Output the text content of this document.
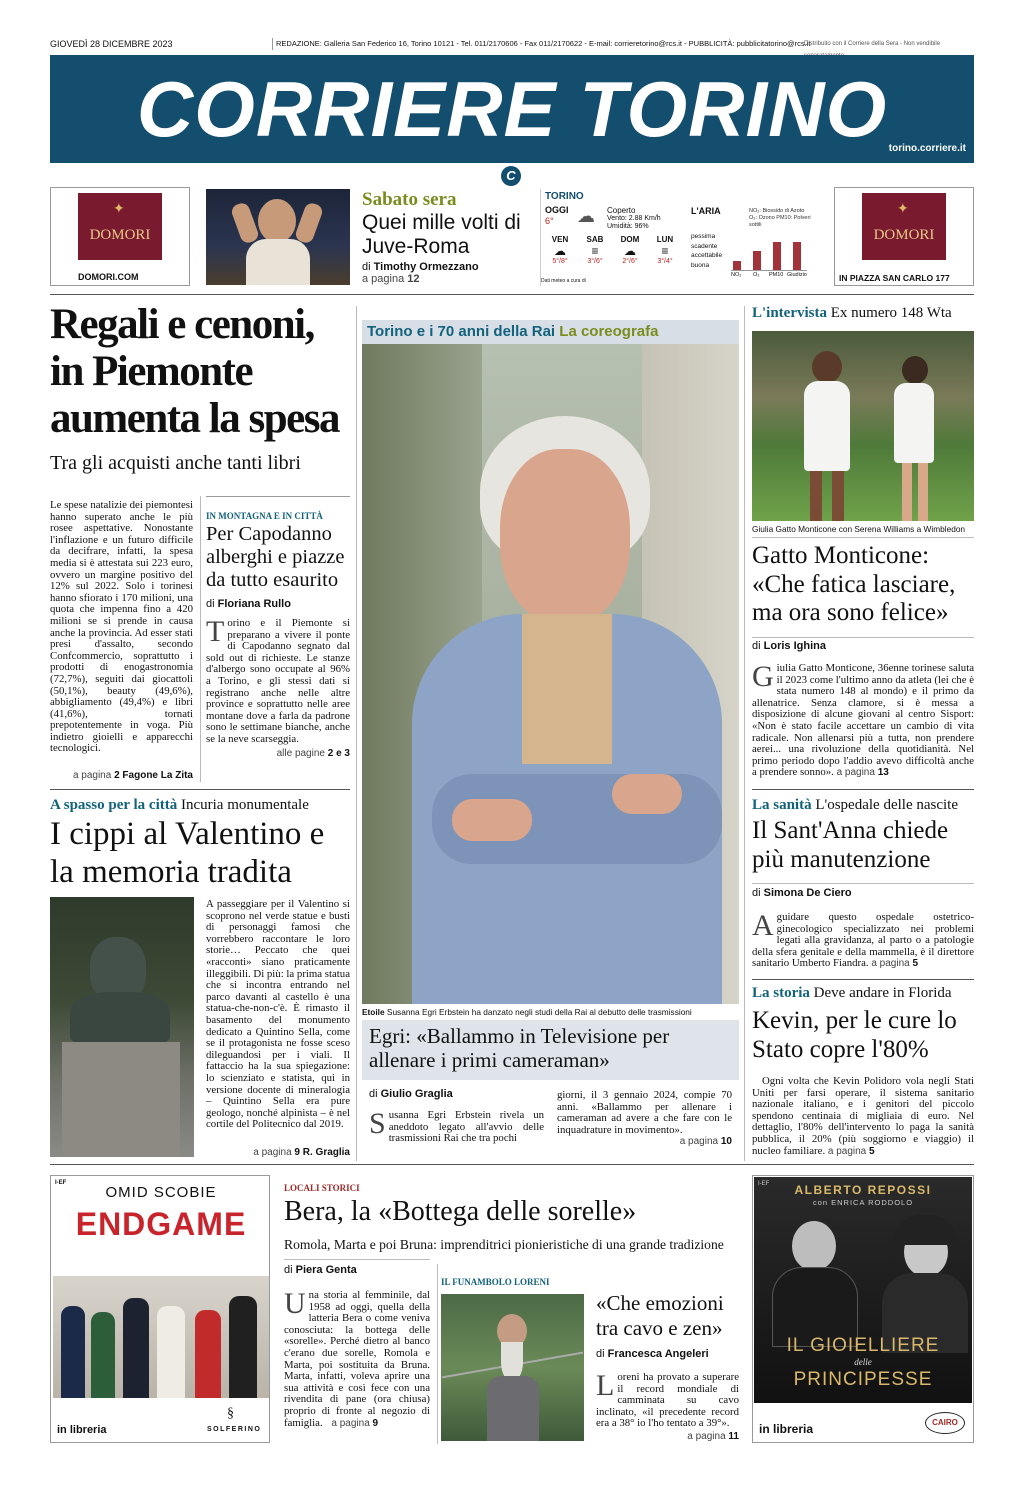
GIOVEDÌ 28 DICEMBRE 2023	REDAZIONE: Galleria San Federico 16, Torino 10121 - Tel. 011/2170606 - Fax 011/2170622 - E-mail: corrieretorino@rcs.it - PUBBLICITÀ: pubblicitatorino@rcs.it
Distribuito con il Corriere della Sera - Non vendibile
CORRIERE TORINO torino.corriere.it
C
✦
DOMORI
DOMORI.COM
Sabato sera
Quei mille volti di Juve-Roma
di Timothy Ormezzano
a pagina 12
TORINO
OGGI
6° ☁ Coperto
Vento: 2.88 Km/h
Umidità: 96%
VEN
☁
5°/8°
SAB
≡
3°/6°
DOM
☁
2°/6°
LUN
≡
3°/4°
Dati meteo a cura di
L'ARIA	NO₂: Biossido di Azoto O₃: Ozono PM10: Polveri sottili
pessima
scadente
accettabile
buona
NO₂ O₃ PM10 Giudizio
✦
DOMORI
IN PIAZZA SAN CARLO 177
Regali e cenoni, in Piemonte aumenta la spesa
Tra gli acquisti anche tanti libri
Le spese natalizie dei piemontesi hanno superato anche le più rosee aspettative. Nonostante l'inflazione e un futuro difficile da decifrare, infatti, la spesa media si è attestata sui 223 euro, ovvero un margine positivo del 12% sul 2022. Solo i torinesi hanno sfiorato i 170 milioni, una quota che impenna fino a 420 milioni se si prende in causa anche la provincia. Ad esser stati presi d'assalto, secondo Confcommercio, soprattutto i prodotti di enogastronomia (72,7%), seguiti dai giocattoli (50,1%), beauty (49,6%), abbigliamento (49,4%) e libri (41,6%), tornati prepotentemente in voga. Più indietro gioielli e apparecchi tecnologici.
a pagina 2 Fagone La Zita
IN MONTAGNA E IN CITTÀ
Per Capodanno alberghi e piazze da tutto esaurito
di Floriana Rullo
Torino e il Piemonte si preparano a vivere il ponte di Capodanno segnato dal sold out di richieste. Le stanze d'albergo sono occupate al 96% a Torino, e gli stessi dati si registrano anche nelle altre province e soprattutto nelle aree montane dove a farla da padrone sono le settimane bianche, anche se la neve scarseggia.
alle pagine 2 e 3
A spasso per la città Incuria monumentale
I cippi al Valentino e la memoria tradita
A passeggiare per il Valentino si scoprono nel verde statue e busti di personaggi famosi che vorrebbero raccontare le loro storie… Peccato che quei «racconti» siano praticamente illeggibili. Di più: la prima statua che si incontra entrando nel parco davanti al castello è una statua-che-non-c'è. È rimasto il basamento del monumento dedicato a Quintino Sella, come se il protagonista ne fosse sceso dileguandosi per i viali. Il fattaccio ha la sua spiegazione: lo scienziato e statista, qui in versione docente di mineralogia – Quintino Sella era pure geologo, nonché alpinista – è nel cortile del Politecnico dal 2019.
a pagina 9 R. Graglia
Torino e i 70 anni della Rai La coreografa
Etoile Susanna Egri Erbstein ha danzato negli studi della Rai al debutto delle trasmissioni
Egri: «Ballammo in Televisione per allenare i primi cameraman»
di Giulio Graglia
Susanna Egri Erbstein rivela un aneddoto legato all'avvio delle trasmissioni Rai che tra pochi
giorni, il 3 gennaio 2024, compie 70 anni. «Ballammo per allenare i cameraman ad avere a che fare con le inquadrature in movimento».
a pagina 10
L'intervista Ex numero 148 Wta
Giulia Gatto Monticone con Serena Williams a Wimbledon
Gatto Monticone: «Che fatica lasciare, ma ora sono felice»
di Loris Ighina
Giulia Gatto Monticone, 36enne torinese saluta il 2023 come l'ultimo anno da atleta (lei che è stata numero 148 al mondo) e il primo da allenatrice. Senza clamore, si è messa a disposizione di alcune giovani al centro Sisport: «Non è stato facile accettare un cambio di vita radicale. Non allenarsi più a tutta, non prendere aerei... una rivoluzione della quotidianità. Nel primo periodo dopo l'addio avevo difficoltà anche a prendere sonno». a pagina 13
La sanità L'ospedale delle nascite
Il Sant'Anna chiede più manutenzione
di Simona De Ciero
Aguidare questo ospedale ostetrico-ginecologico specializzato nei problemi legati alla gravidanza, al parto o a patologie della sfera genitale e della mammella, è il direttore sanitario Umberto Fiandra. a pagina 5
La storia Deve andare in Florida
Kevin, per le cure lo Stato copre l'80%
Ogni volta che Kevin Polidoro vola negli Stati Uniti per farsi operare, il sistema sanitario nazionale italiano, e i genitori del piccolo spendono centinaia di migliaia di euro. Nel dettaglio, l'80% dell'intervento lo paga la sanità pubblica, il 20% (più soggiorno e viaggio) il nucleo familiare. a pagina 5
I-EF
OMID SCOBIE
ENDGAME
in libreria
§
SOLFERINO
LOCALI STORICI
Bera, la «Bottega delle sorelle»
Romola, Marta e poi Bruna: imprenditrici pionieristiche di una grande tradizione
di Piera Genta
Una storia al femminile, dal 1958 ad oggi, quella della latteria Bera o come veniva conosciuta: la bottega delle «sorelle». Perché dietro al banco c'erano due sorelle, Romola e Marta, poi sostituita da Bruna. Marta, infatti, voleva aprire una sua attività e così fece con una rivendita di pane (ora chiusa) proprio di fronte al negozio di famiglia. a pagina 9
IL FUNAMBOLO LORENI
«Che emozioni tra cavo e zen»
di Francesca Angeleri
Loreni ha provato a superare il record mondiale di camminata su cavo inclinato, «il precedente record era a 38° io l'ho tentato a 39°».
a pagina 11
I-EF	ALBERTO REPOSSI
con ENRICA RODDOLO
IL GIOIELLIERE
delle
PRINCIPESSE
in libreria	CAIRO
